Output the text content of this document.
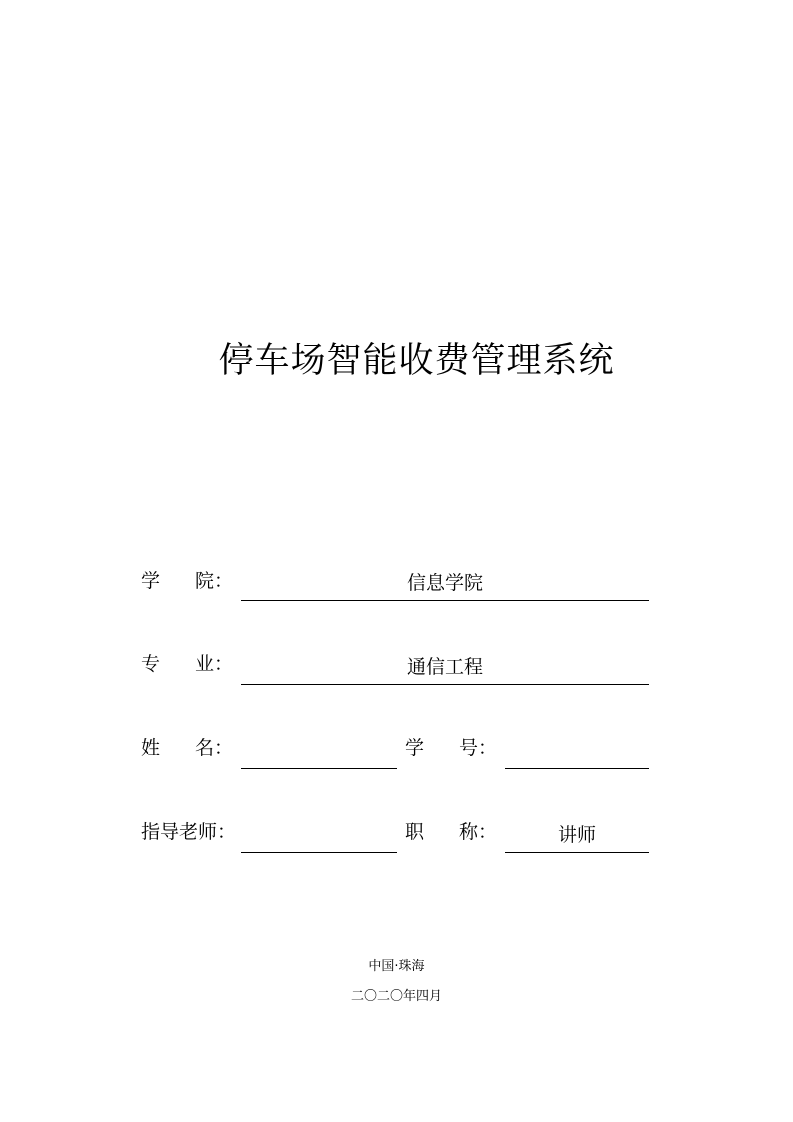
停车场智能收费管理系统
学 院：	信息学院
专 业：	通信工程
姓 名：	学 号：
指导老师：	职 称：	讲师
中国·珠海
二〇二〇年四月
